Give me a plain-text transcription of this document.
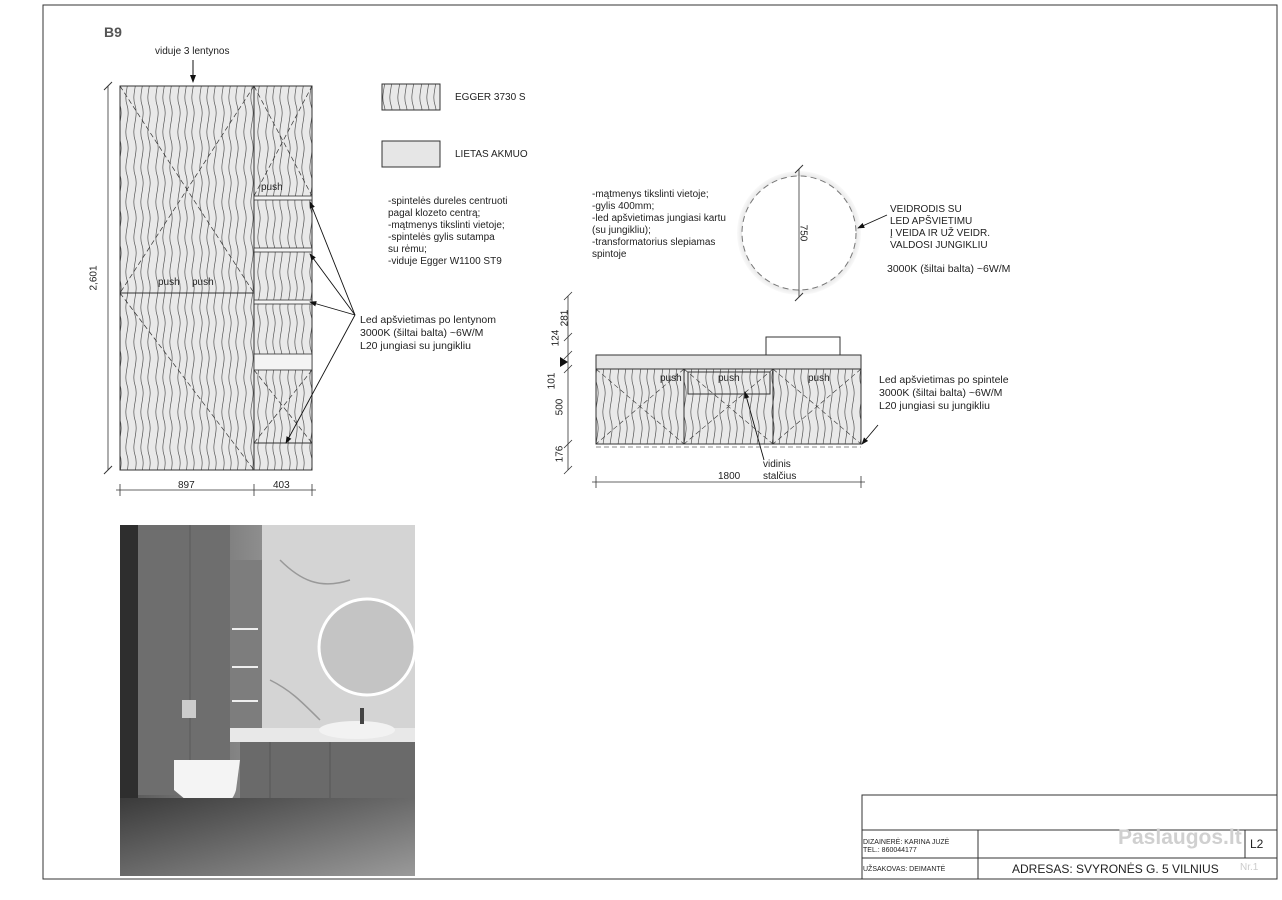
B9
viduje 3 lentynos
2,601
897	403
push
push push
EGGER 3730 S
LIETAS AKMUO
-spintelės dureles centruoti
pagal klozeto centrą;
-mątmenys tikslinti vietoje;
-spintelės gylis sutampa
su rėmu;
-viduje Egger W1100 ST9
Led apšvietimas po lentynom
3000K (šiltai balta) ~6W/M
L20 jungiasi su jungikliu
-mątmenys tikslinti vietoje;
-gylis 400mm;
-led apšvietimas jungiasi kartu
(su jungikliu);
-transformatorius slepiamas
spintoje
750
VEIDRODIS SU
LED APŠVIETIMU
Į VEIDA IR UŽ VEIDR.
VALDOSI JUNGIKLIU
3000K (šiltai balta) ~6W/M
281
124
101
500
176
1800
push	push	push
vidinis
stalčius
Led apšvietimas po spintele
3000K (šiltai balta) ~6W/M
L20 jungiasi su jungikliu
DIZAINERĖ: KARINA JUZĖ
TEL.: 860044177
UŽSAKOVAS: DEIMANTĖ	ADRESAS: SVYRONĖS G. 5 VILNIUS
L2
Paslaugos.lt
Nr.1
